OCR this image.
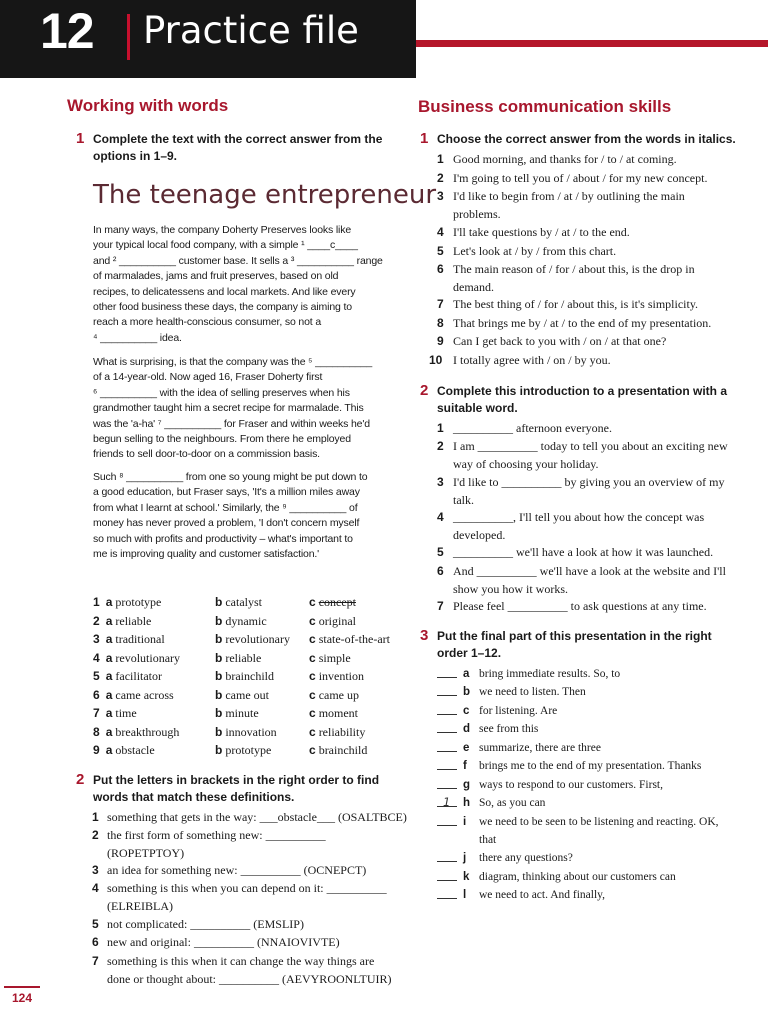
12 Practice file
Working with words
1 Complete the text with the correct answer from the
options in 1–9.
The teenage entrepreneur
In many ways, the company Doherty Preserves looks like
your typical local food company, with a simple ¹ ____c____
and ² __________ customer base. It sells a ³ __________ range
of marmalades, jams and fruit preserves, based on old
recipes, to delicatessens and local markets. And like every
other food business these days, the company is aiming to
reach a more health-conscious consumer, so not a
⁴ __________ idea.
What is surprising, is that the company was the ⁵ __________
of a 14-year-old. Now aged 16, Fraser Doherty first
⁶ __________ with the idea of selling preserves when his
grandmother taught him a secret recipe for marmalade. This
was the 'a-ha' ⁷ __________ for Fraser and within weeks he'd
begun selling to the neighbours. From there he employed
friends to sell door-to-door on a commission basis.
Such ⁸ __________ from one so young might be put down to
a good education, but Fraser says, 'It's a million miles away
from what I learnt at school.' Similarly, the ⁹ __________ of
money has never proved a problem, 'I don't concern myself
so much with profits and productivity – what's important to
me is improving quality and customer satisfaction.'
1 a prototype	b catalyst	c concept
2 a reliable	b dynamic	c original
3 a traditional	b revolutionary c state-of-the-art
4 a revolutionary	b reliable	c simple
5 a facilitator	b brainchild	c invention
6 a came across	b came out	c came up
7 a time	b minute	c moment
8 a breakthrough	b innovation	c reliability
9 a obstacle	b prototype	c brainchild
2 Put the letters in brackets in the right order to find
words that match these definitions.
1 something that gets in the way: ___obstacle___ (OSALTBCE)
2 the first form of something new: __________
(ROPETPTOY)
3 an idea for something new: __________ (OCNEPCT)
4 something is this when you can depend on it: __________
(ELREIBLA)
5 not complicated: __________ (EMSLIP)
6 new and original: __________ (NNAIOVIVTE)
7 something is this when it can change the way things are
done or thought about: __________ (AEVYROONLTUIR)
Business communication skills
1 Choose the correct answer from the words in italics.
1 Good morning, and thanks for / to / at coming.
2 I'm going to tell you of / about / for my new concept.
3 I'd like to begin from / at / by outlining the main
problems.
4 I'll take questions by / at / to the end.
5 Let's look at / by / from this chart.
6 The main reason of / for / about this, is the drop in
demand.
7 The best thing of / for / about this, is it's simplicity.
8 That brings me by / at / to the end of my presentation.
9 Can I get back to you with / on / at that one?
10 I totally agree with / on / by you.
2 Complete this introduction to a presentation with a
suitable word.
1 __________ afternoon everyone.
2 I am __________ today to tell you about an exciting new
way of choosing your holiday.
3 I'd like to __________ by giving you an overview of my
talk.
4 __________, I'll tell you about how the concept was
developed.
5 __________ we'll have a look at how it was launched.
6 And __________ we'll have a look at the website and I'll
show you how it works.
7 Please feel __________ to ask questions at any time.
3 Put the final part of this presentation in the right
order 1–12.
a bring immediate results. So, to
b we need to listen. Then
c for listening. Are
d see from this
e summarize, there are three
f brings me to the end of my presentation. Thanks
g ways to respond to our customers. First,
1 h So, as you can
i we need to be seen to be listening and reacting. OK,

that
j there any questions?
k diagram, thinking about our customers can
l we need to act. And finally,
124
